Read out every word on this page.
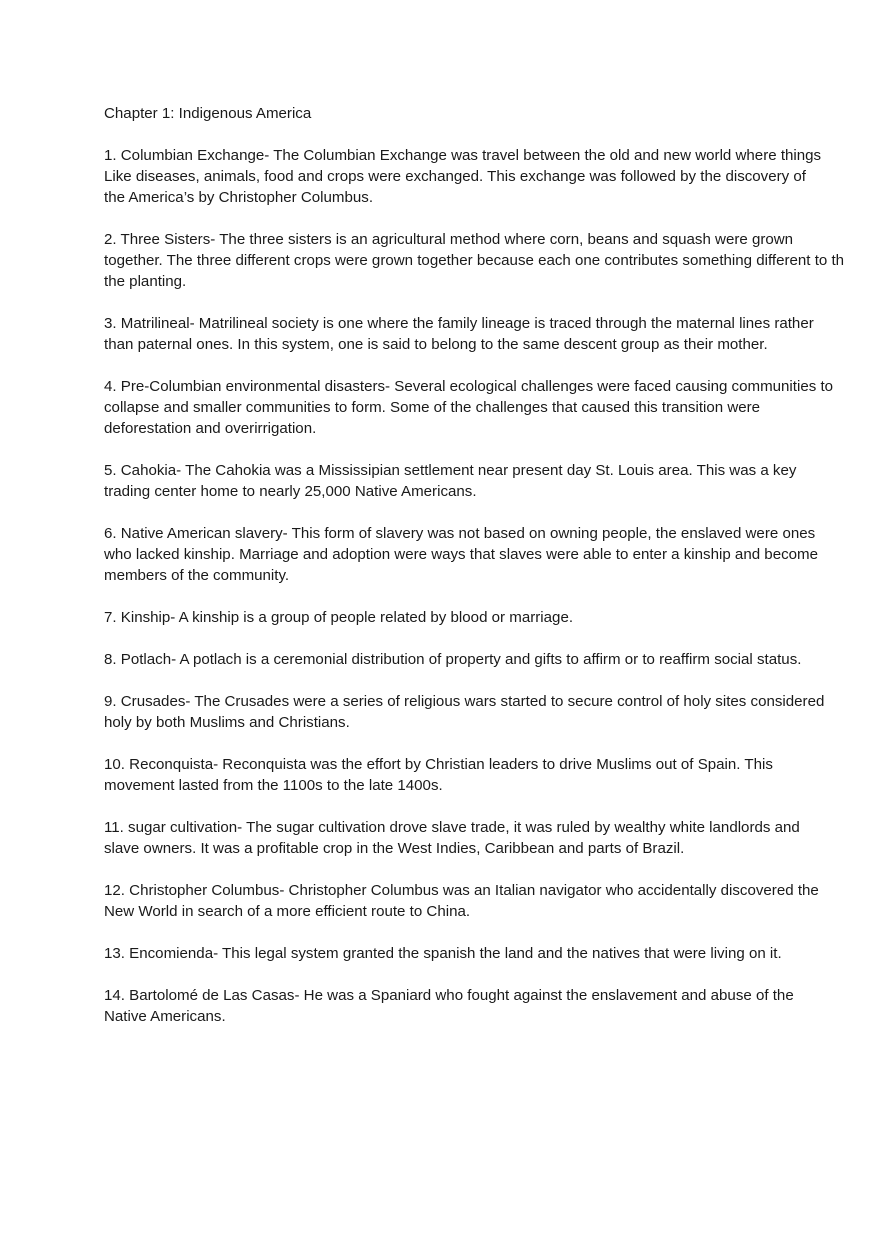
Chapter 1: Indigenous America
1. Columbian Exchange- The Columbian Exchange was travel between the old and new world where things
Like diseases, animals, food and crops were exchanged. This exchange was followed by the discovery of
the America’s by Christopher Columbus.
2. Three Sisters- The three sisters is an agricultural method where corn, beans and squash were grown
together. The three different crops were grown together because each one contributes something different to th
the planting.
3. Matrilineal- Matrilineal society is one where the family lineage is traced through the maternal lines rather
than paternal ones. In this system, one is said to belong to the same descent group as their mother.
4. Pre-Columbian environmental disasters- Several ecological challenges were faced causing communities to
collapse and smaller communities to form. Some of the challenges that caused this transition were
deforestation and overirrigation.
5. Cahokia- The Cahokia was a Mississipian settlement near present day St. Louis area. This was a key
trading center home to nearly 25,000 Native Americans.
6. Native American slavery- This form of slavery was not based on owning people, the enslaved were ones
who lacked kinship. Marriage and adoption were ways that slaves were able to enter a kinship and become
members of the community.
7. Kinship- A kinship is a group of people related by blood or marriage.
8. Potlach- A potlach is a ceremonial distribution of property and gifts to affirm or to reaffirm social status.
9. Crusades- The Crusades were a series of religious wars started to secure control of holy sites considered
holy by both Muslims and Christians.
10. Reconquista- Reconquista was the effort by Christian leaders to drive Muslims out of Spain. This
movement lasted from the 1100s to the late 1400s.
11. sugar cultivation- The sugar cultivation drove slave trade, it was ruled by wealthy white landlords and
slave owners. It was a profitable crop in the West Indies, Caribbean and parts of Brazil.
12. Christopher Columbus- Christopher Columbus was an Italian navigator who accidentally discovered the
New World in search of a more efficient route to China.
13. Encomienda- This legal system granted the spanish the land and the natives that were living on it.
14. Bartolomé de Las Casas- He was a Spaniard who fought against the enslavement and abuse of the
Native Americans.
